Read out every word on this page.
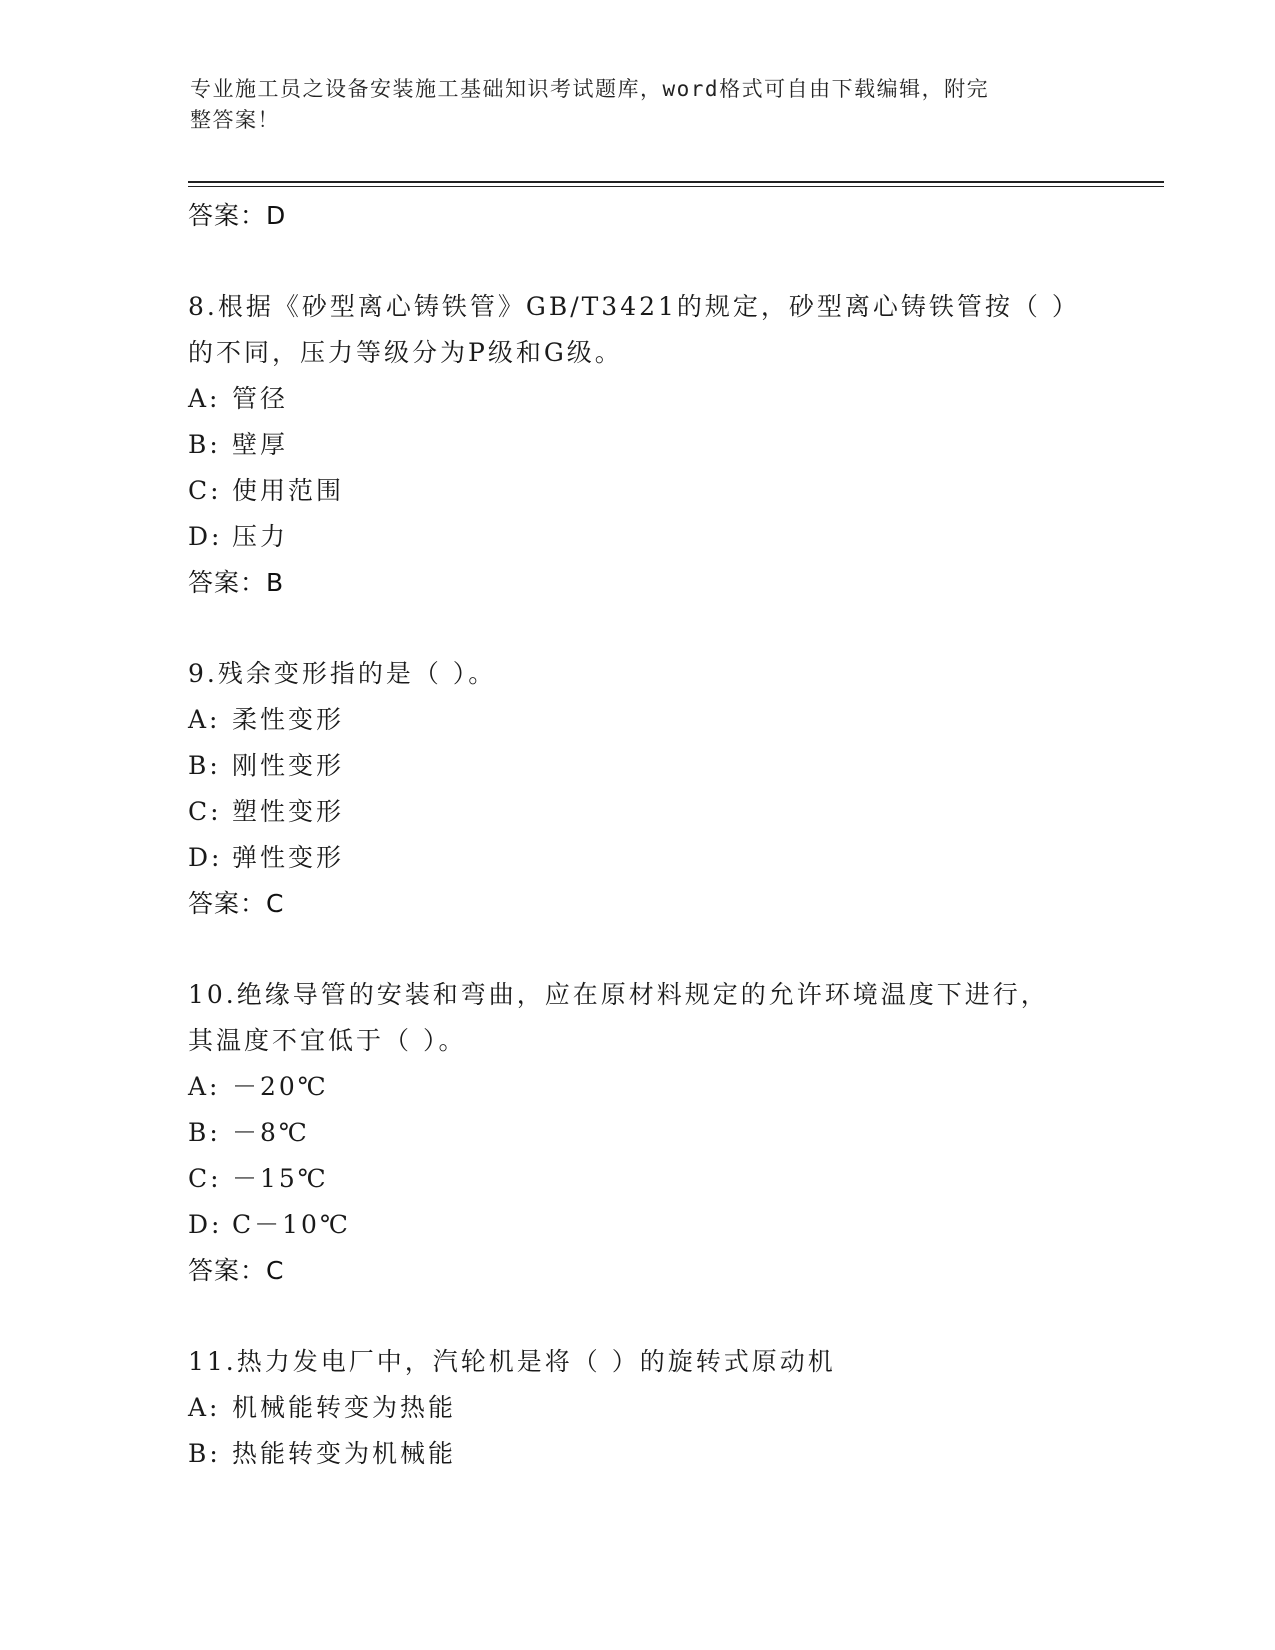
专业施工员之设备安装施工基础知识考试题库，word格式可自由下载编辑，附完
整答案！
答案：D
8.根据《砂型离心铸铁管》GB/T3421的规定，砂型离心铸铁管按（ ）
的不同，压力等级分为P级和G级。
A: 管径
B: 壁厚
C: 使用范围
D: 压力
答案：B
9.残余变形指的是（ ）。
A: 柔性变形
B: 刚性变形
C: 塑性变形
D: 弹性变形
答案：C
10.绝缘导管的安装和弯曲，应在原材料规定的允许环境温度下进行，
其温度不宜低于（ ）。
A: －20℃
B: －8℃
C: －15℃
D: C－10℃
答案：C
11.热力发电厂中，汽轮机是将（ ）的旋转式原动机
A: 机械能转变为热能
B: 热能转变为机械能
